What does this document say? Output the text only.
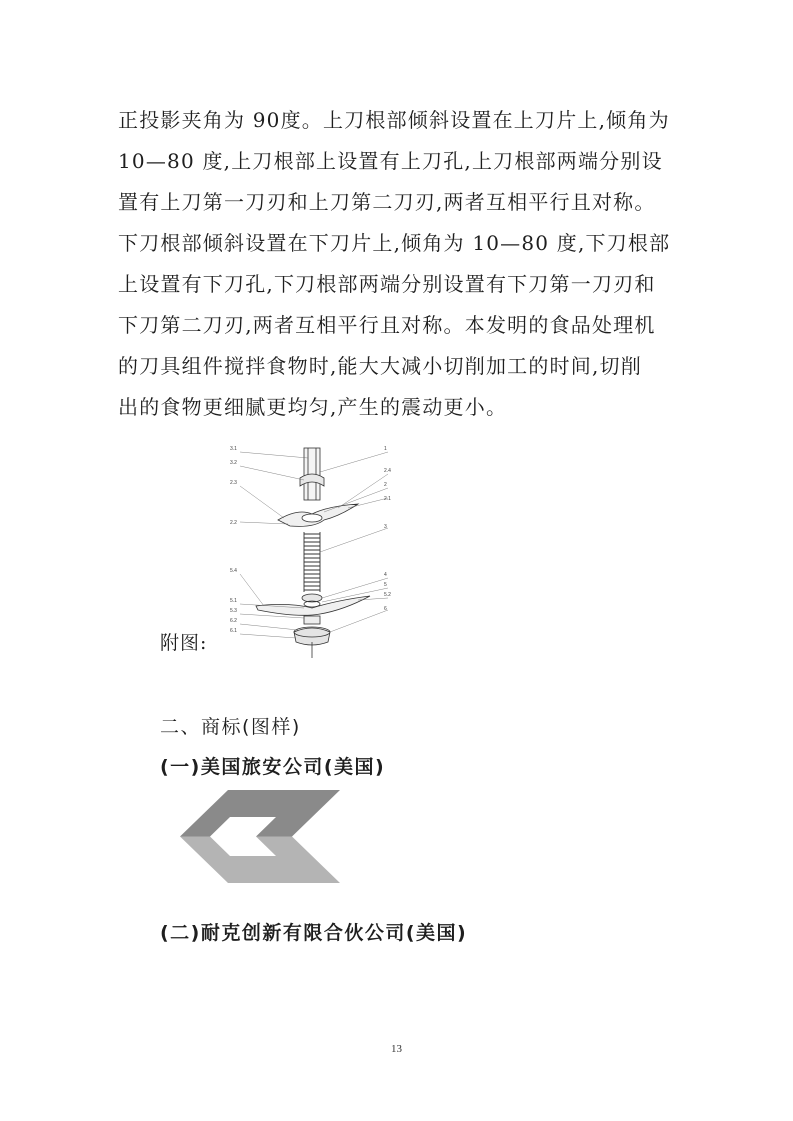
正投影夹角为 90度。上刀根部倾斜设置在上刀片上,倾角为
10—80 度,上刀根部上设置有上刀孔,上刀根部两端分别设
置有上刀第一刀刃和上刀第二刀刃,两者互相平行且对称。
下刀根部倾斜设置在下刀片上,倾角为 10—80 度,下刀根部
上设置有下刀孔,下刀根部两端分别设置有下刀第一刀刃和
下刀第二刀刃,两者互相平行且对称。本发明的食品处理机
的刀具组件搅拌食物时,能大大减小切削加工的时间,切削
出的食物更细腻更均匀,产生的震动更小。
3.1
3.2
2.3
2.2
5.4
5.1
5.3
6.2
6.1
1
2.4
2
2.1
3
4
5
5.2
6
附图:
二、商标(图样)
(一)美国旅安公司(美国)
(二)耐克创新有限合伙公司(美国)
13
